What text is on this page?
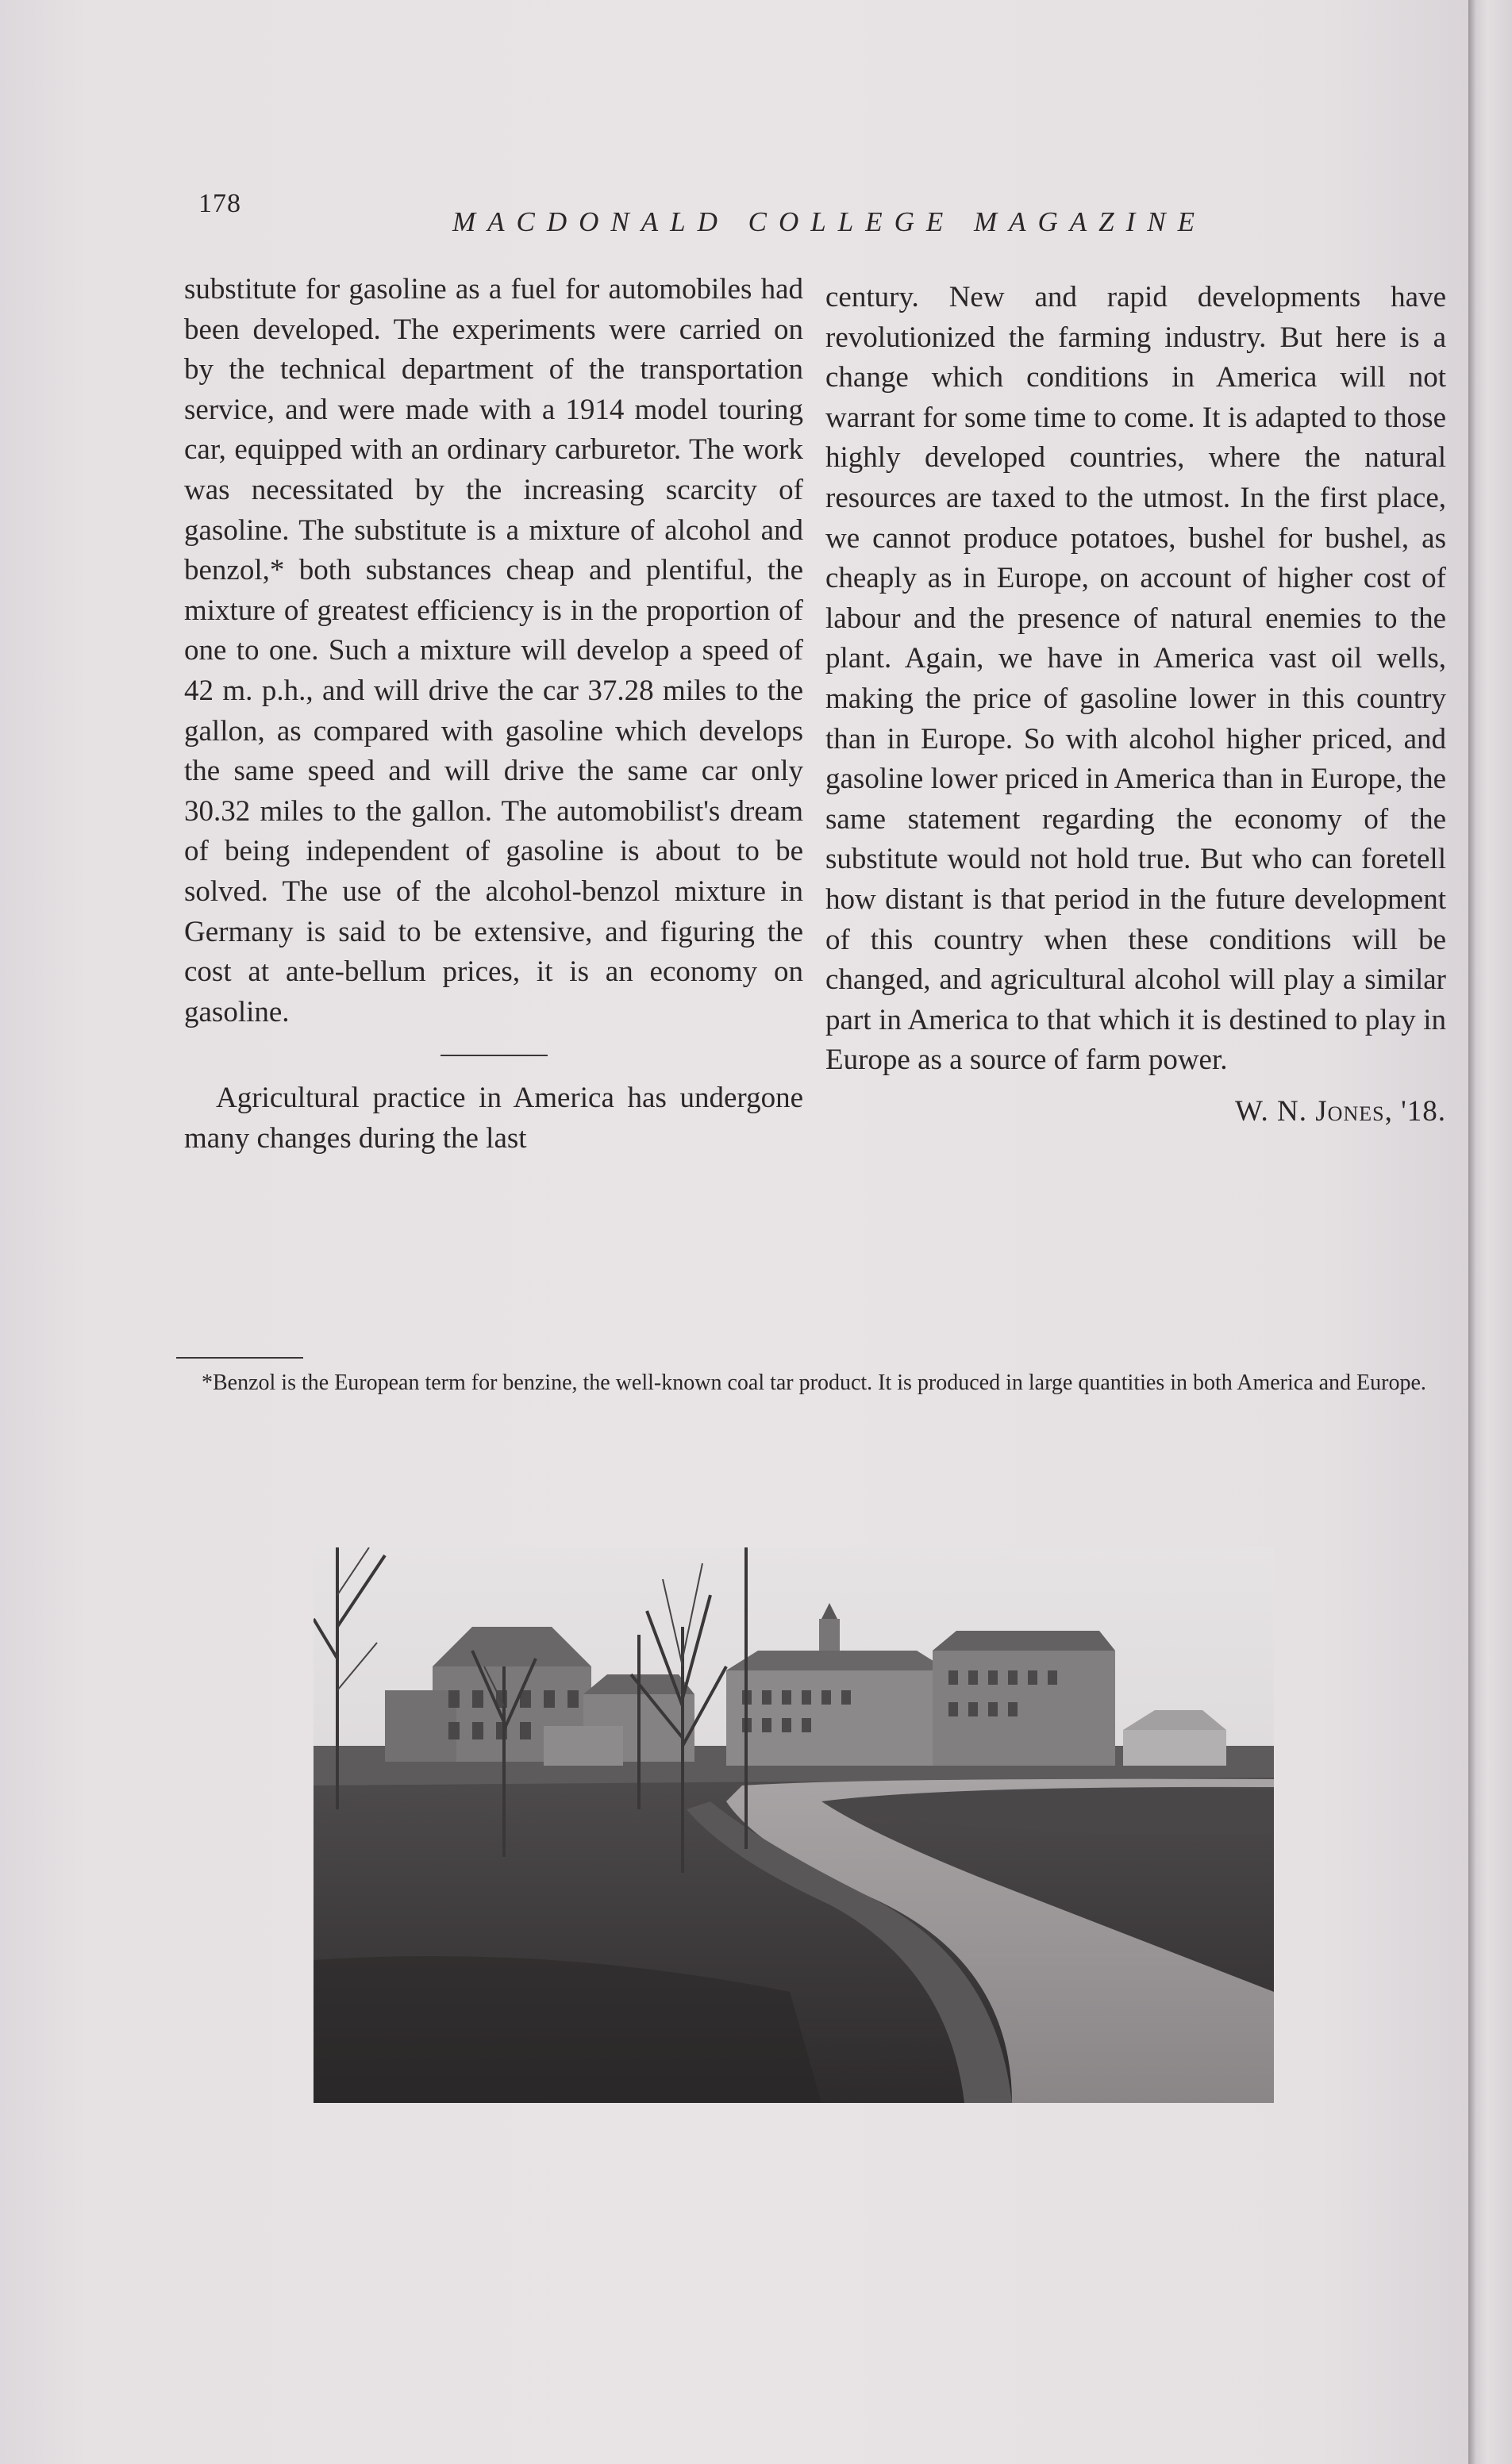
178
MACDONALD COLLEGE MAGAZINE

substitute for gasoline as a fuel for automobiles had been developed. The experiments were carried on by the technical department of the transportation service, and were made with a 1914 model touring car, equipped with an ordinary carburetor. The work was necessitated by the increasing scarcity of gasoline. The substitute is a mixture of alcohol and benzol,* both substances cheap and plentiful, the mixture of greatest efficiency is in the proportion of one to one. Such a mixture will develop a speed of 42 m. p.h., and will drive the car 37.28 miles to the gallon, as compared with gasoline which develops the same speed and will drive the same car only 30.32 miles to the gallon. The automobilist's dream of being independent of gasoline is about to be solved. The use of the alcohol-benzol mixture in Germany is said to be extensive, and figuring the cost at ante-bellum prices, it is an economy on gasoline.

Agricultural practice in America has undergone many changes during the last

century. New and rapid developments have revolutionized the farming industry. But here is a change which conditions in America will not warrant for some time to come. It is adapted to those highly developed countries, where the natural resources are taxed to the utmost. In the first place, we cannot produce potatoes, bushel for bushel, as cheaply as in Europe, on account of higher cost of labour and the presence of natural enemies to the plant. Again, we have in America vast oil wells, making the price of gasoline lower in this country than in Europe. So with alcohol higher priced, and gasoline lower priced in America than in Europe, the same statement regarding the economy of the substitute would not hold true. But who can foretell how distant is that period in the future development of this country when these conditions will be changed, and agricultural alcohol will play a similar part in America to that which it is destined to play in Europe as a source of farm power.

W. N. Jones, '18.
*Benzol is the European term for benzine, the well-known coal tar product. It is produced in large quantities in both America and Europe.
